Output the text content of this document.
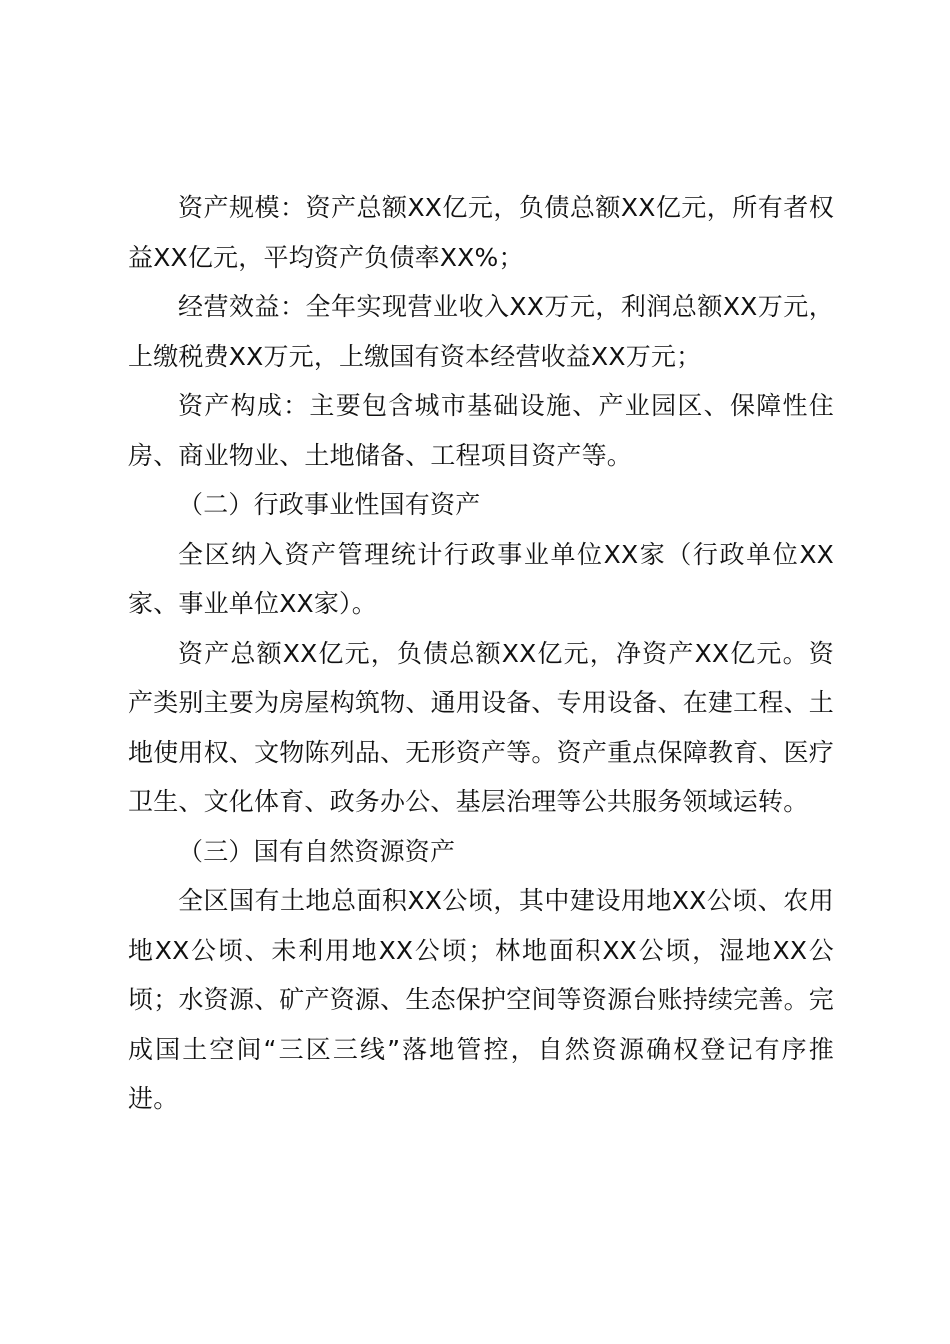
资产规模：资产总额XX亿元，负债总额XX亿元，所有者权益XX亿元，平均资产负债率XX%；

经营效益：全年实现营业收入XX万元，利润总额XX万元，上缴税费XX万元，上缴国有资本经营收益XX万元；

资产构成：主要包含城市基础设施、产业园区、保障性住房、商业物业、土地储备、工程项目资产等。

（二）行政事业性国有资产

全区纳入资产管理统计行政事业单位XX家（行政单位XX家、事业单位XX家）。

资产总额XX亿元，负债总额XX亿元，净资产XX亿元。资产类别主要为房屋构筑物、通用设备、专用设备、在建工程、土地使用权、文物陈列品、无形资产等。资产重点保障教育、医疗卫生、文化体育、政务办公、基层治理等公共服务领域运转。

（三）国有自然资源资产

全区国有土地总面积XX公顷，其中建设用地XX公顷、农用地XX公顷、未利用地XX公顷；林地面积XX公顷，湿地XX公顷；水资源、矿产资源、生态保护空间等资源台账持续完善。完成国土空间“三区三线”落地管控，自然资源确权登记有序推进。
